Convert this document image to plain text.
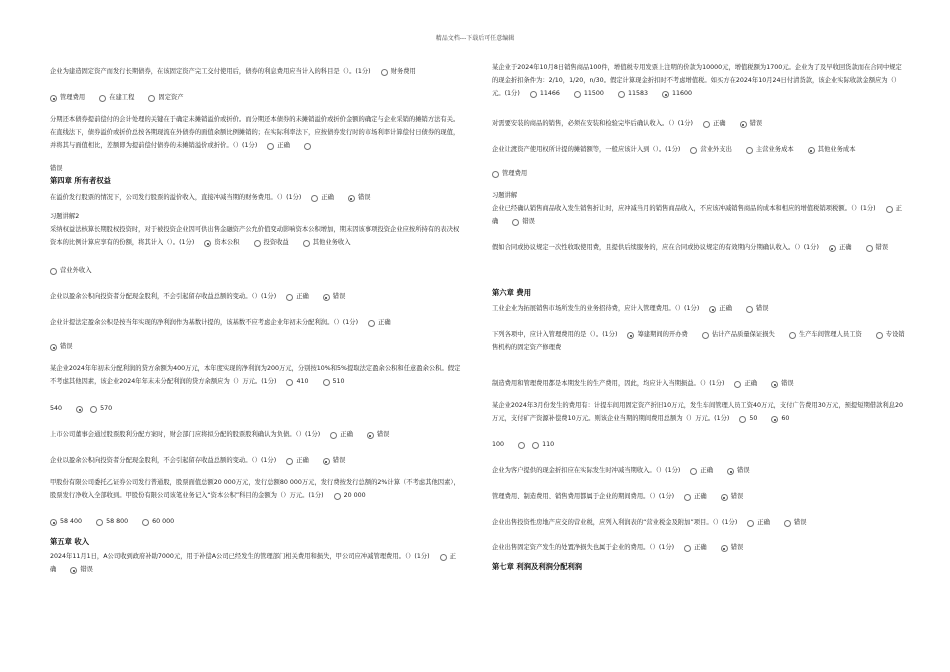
精品文档---下载后可任意编辑
企业为建造固定资产而发行长期债券，在该固定资产完工交付使用后，债券的利息费用应当计入的科目是（）。(1分)	财务费用
管理费用	在建工程	固定资产
分期还本债券提前偿付的会计处理的关键在于确定未摊销溢价或折价。而分期还本债券的未摊销溢价或折价金额的确定与企业采销的摊销方法有关。在直线法下，债券溢价或折价总按各期现流在外债券的面值余额比例摊销的；在实际利率法下，应按债券发行时的市场利率计算偿付日债券的现值，并将其与面值相比，差额即为提前偿付债券的未摊销溢价或折价。（）(1分)	正确
错误
第四章 所有者权益
在溢价发行股票的情况下，公司发行股票的溢价收入，直接冲减当期的财务费用。（）(1分)	正确	错误
习题讲解2
采纳权益法核算长期股权投资时，对于被投资企业因可供出售金融资产公允价值变动影响资本公积增加，期末因该事项投资企业应按所持有的表决权资本的比例计算应享有的份额，将其计入（）。(1分)	资本公积	投资收益	其他业务收入
营业外收入
企业以盈余公积向投资者分配现金股利，不会引起留存收益总额的变动。（）(1分)	正确	错误
企业计提法定盈余公积是按当年实现的净利润作为基数计提的，该基数不应考虑企业年初未分配利润。（）(1分)	正确
错误
某企业2024年年初未分配利润的贷方余额为400万元，本年度实现的净利润为200万元，分别按10%和5%提取法定盈余公积和任意盈余公积。假定不考虑其他因素，该企业2024年年末未分配利润的贷方余额应为（）万元。(1分)	410	510
540	570
上市公司董事会通过股票股利分配方案时，财会部门应将拟分配的股票股利确认为负债。（）(1分)	正确	错误
企业以盈余公积向投资者分配现金股利，不会引起留存收益总额的变动。（）(1分)	正确	错误
甲股份有限公司委托乙证券公司发行普通股，股票面值总额20 000万元，发行总额80 000万元，发行费按发行总额的2%计算（不考虑其他因素），股票发行净收入全部收到。甲股份有限公司该笔业务记入“资本公积”科目的金额为（）万元。(1分)	20 000
58 400	58 800	60 000
第五章 收入
2024年11月1日，A公司收到政府补助7000元，用于补偿A公司已经发生的管理部门相关费用和损失，甲公司应冲减管理费用。（）(1分)	正确	错误
某企业于2024年10月8日销售商品100件，增值税专用发票上注明的价款为10000元，增值税额为1700元。企业为了及早收回货款而在合同中规定的现金折扣条件为：2/10，1/20，n/30。假定计算现金折扣时不考虑增值税。如买方在2024年10月24日付清货款，该企业实际收款金额应为（）元。(1分)	11466	11500	11583	11600
对需要安装的商品的销售，必须在安装和检验完毕后确认收入。（）(1分)	正确	错误
企业让渡资产使用权所计提的摊销额等，一般应该计入到（）。(1分)	营业外支出	主营业务成本	其他业务成本
管理费用
习题讲解
企业已经确认销售商品收入发生销售折让时，应冲减当月的销售商品收入，不应该冲减销售商品的成本和相应的增值税销项税额。（）(1分)	正确	错误
假如合同或协议规定一次性收取使用费，且提供后续服务的，应在合同或协议规定的有效期内分期确认收入。（）(1分)	正确	错误
第六章 费用
工业企业为拓展销售市场所发生的业务招待费，应计入管理费用。（）(1分)	正确	错误
下列各项中，应计入管理费用的是（）。(1分)	筹建期间的开办费	估计产品质量保证损失	生产车间管理人员工资	专设销售机构的固定资产修理费
制造费用和管理费用都是本期发生的生产费用，因此，均应计入当期损益。（）(1分)	正确	错误
某企业2024年3月份发生的费用有：计提车间用固定资产折旧10万元，发生车间管理人员工资40万元，支付广告费用30万元，预提短期借款利息20万元，支付矿产资源补偿费10万元。则该企业当期的期间费用总额为（）万元。(1分)	50	60
100	110
企业为客户提供的现金折扣应在实际发生时冲减当期收入。（）(1分)	正确	错误
管理费用、制造费用、销售费用都属于企业的期间费用。（）(1分)	正确	错误
企业出售投资性房地产应交的营业税，应列入利润表的“营业税金及附加”项目。（）(1分)	正确	错误
企业出售固定资产发生的处置净损失也属于企业的费用。（）(1分)	正确	错误
第七章 利润及利润分配利润
